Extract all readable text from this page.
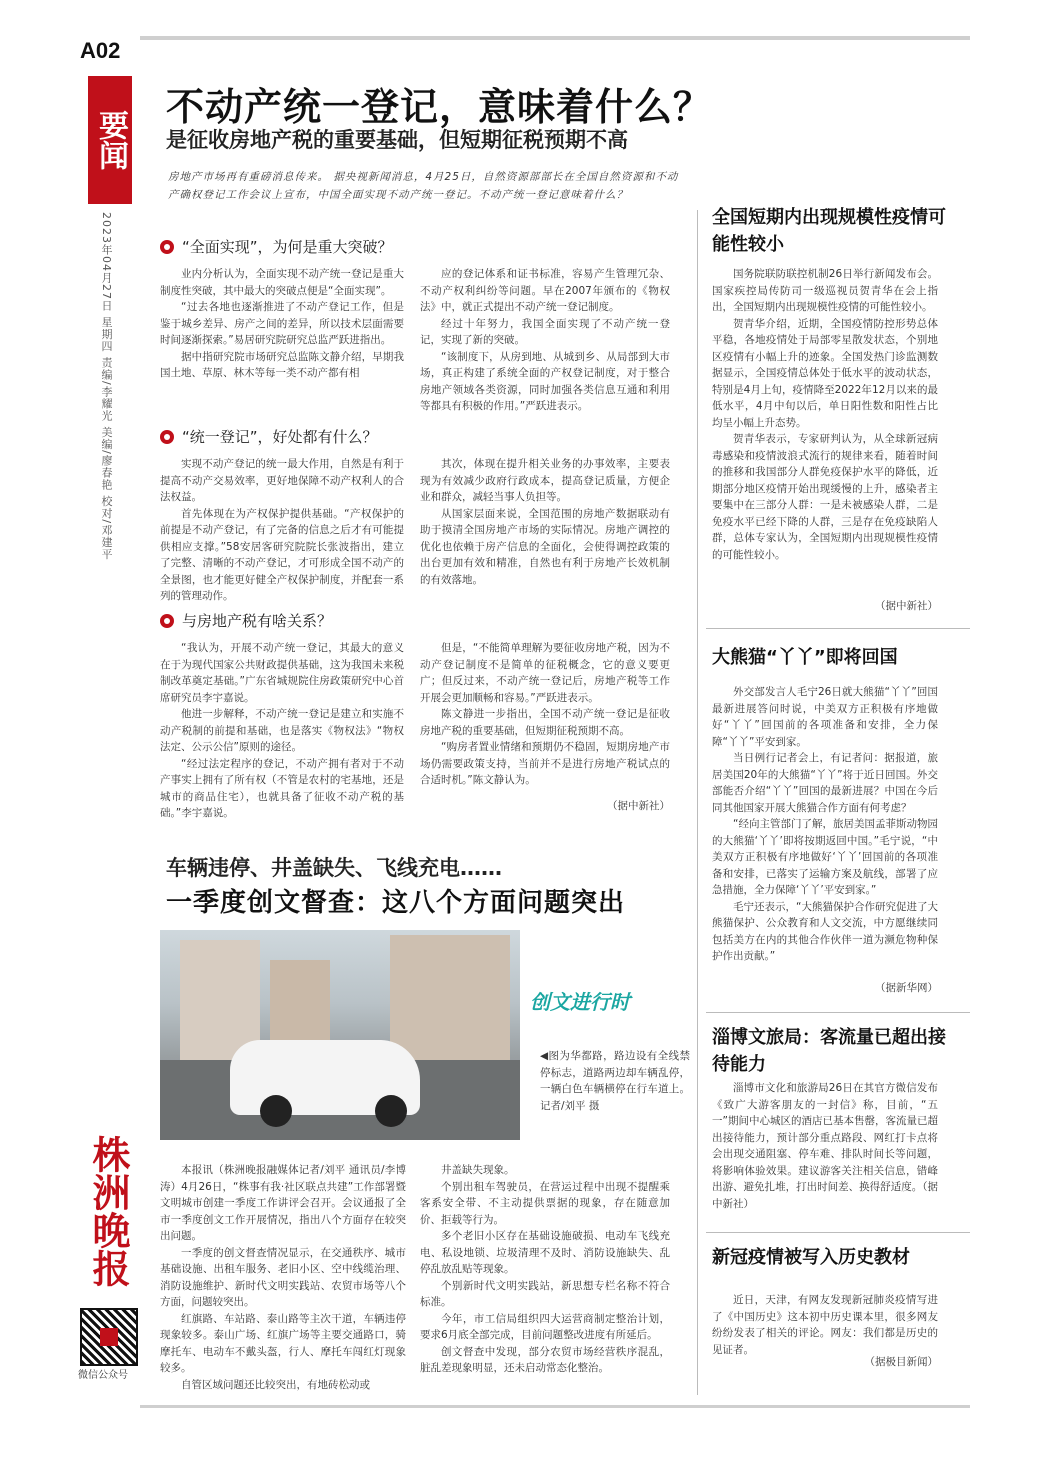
A02
要闻
2023年04月27日 星期四 责编/李耀光 美编/廖春艳 校对/邓建平
株洲晚报
微信公众号
不动产统一登记，意味着什么？
是征收房地产税的重要基础，但短期征税预期不高
房地产市场再有重磅消息传来。 据央视新闻消息，4月25日，自然资源部部长在全国自然资源和不动产确权登记工作会议上宣布，中国全面实现不动产统一登记。不动产统一登记意味着什么？
“全面实现”，为何是重大突破？

业内分析认为，全面实现不动产统一登记是重大制度性突破，其中最大的突破点便是“全面实现”。

“过去各地也逐渐推进了不动产登记工作，但是鉴于城乡差异、房产之间的差异，所以技术层面需要时间逐渐探索。”易居研究院研究总监严跃进指出。

据中指研究院市场研究总监陈文静介绍，早期我国土地、草原、林木等每一类不动产都有相

应的登记体系和证书标准，容易产生管理冗杂、不动产权利纠纷等问题。早在2007年颁布的《物权法》中，就正式提出不动产统一登记制度。

经过十年努力，我国全面实现了不动产统一登记，实现了新的突破。

“该制度下，从房到地、从城到乡、从局部到大市场，真正构建了系统全面的产权登记制度，对于整合房地产领域各类资源，同时加强各类信息互通和利用等都具有积极的作用。”严跃进表示。

“统一登记”，好处都有什么？

实现不动产登记的统一最大作用，自然是有利于提高不动产交易效率，更好地保障不动产权利人的合法权益。

首先体现在为产权保护提供基础。“产权保护的前提是不动产登记，有了完备的信息之后才有可能提供相应支撑。”58安居客研究院院长张波指出，建立了完整、清晰的不动产登记，才可形成全国不动产的全景图，也才能更好健全产权保护制度，并配套一系列的管理动作。

其次，体现在提升相关业务的办事效率，主要表现为有效减少政府行政成本，提高登记质量，方便企业和群众，减轻当事人负担等。

从国家层面来说，全国范围的房地产数据联动有助于摸清全国房地产市场的实际情况。房地产调控的优化也依赖于房产信息的全面化，会使得调控政策的出台更加有效和精准，自然也有利于房地产长效机制的有效落地。

与房地产税有啥关系？

“我认为，开展不动产统一登记，其最大的意义在于为现代国家公共财政提供基础，这为我国未来税制改革奠定基础。”广东省城规院住房政策研究中心首席研究员李宇嘉说。

他进一步解释，不动产统一登记是建立和实施不动产税制的前提和基础，也是落实《物权法》“物权法定、公示公信”原则的途径。

“经过法定程序的登记，不动产拥有者对于不动产事实上拥有了所有权（不管是农村的宅基地，还是城市的商品住宅），也就具备了征收不动产税的基础。”李宇嘉说。

但是，“不能简单理解为要征收房地产税，因为不动产登记制度不是简单的征税概念，它的意义要更广；但反过来，不动产统一登记后，房地产税等工作开展会更加顺畅和容易。”严跃进表示。

陈文静进一步指出，全国不动产统一登记是征收房地产税的重要基础，但短期征税预期不高。

“购房者置业情绪和预期仍不稳固，短期房地产市场仍需要政策支持，当前并不是进行房地产税试点的合适时机。”陈文静认为。

（据中新社）
车辆违停、井盖缺失、飞线充电……
一季度创文督查：这八个方面问题突出
创文进行时
◀图为华都路，路边设有全线禁停标志，道路两边却车辆乱停，一辆白色车辆横停在行车道上。 记者/刘平 摄

本报讯（株洲晚报融媒体记者/刘平 通讯员/李博涛）4月26日，“株事有我·社区联点共建”工作部署暨文明城市创建一季度工作讲评会召开。会议通报了全市一季度创文工作开展情况，指出八个方面存在较突出问题。

一季度的创文督查情况显示，在交通秩序、城市基础设施、出租车服务、老旧小区、空中线缆治理、消防设施维护、新时代文明实践站、农贸市场等八个方面，问题较突出。

红旗路、车站路、泰山路等主次干道，车辆违停现象较多。泰山广场、红旗广场等主要交通路口，骑摩托车、电动车不戴头盔，行人、摩托车闯红灯现象较多。

自管区域问题还比较突出，有地砖松动或

井盖缺失现象。

个别出租车驾驶员，在营运过程中出现不提醒乘客系安全带、不主动提供票据的现象，存在随意加价、拒载等行为。

多个老旧小区存在基础设施破损、电动车飞线充电、私设地锁、垃圾清理不及时、消防设施缺失、乱停乱放乱贴等现象。

个别新时代文明实践站，新思想专栏名称不符合标准。

今年，市工信局组织四大运营商制定整治计划，要求6月底全部完成，目前问题整改进度有所延后。

创文督查中发现，部分农贸市场经营秩序混乱，脏乱差现象明显，还未启动常态化整治。

全国短期内出现规模性疫情可能性较小

国务院联防联控机制26日举行新闻发布会。国家疾控局传防司一级巡视员贺青华在会上指出，全国短期内出现规模性疫情的可能性较小。

贺青华介绍，近期，全国疫情防控形势总体平稳，各地疫情处于局部零星散发状态，个别地区疫情有小幅上升的迹象。全国发热门诊监测数据显示，全国疫情总体处于低水平的波动状态，特别是4月上旬，疫情降至2022年12月以来的最低水平，4月中旬以后，单日阳性数和阳性占比均呈小幅上升态势。

贺青华表示，专家研判认为，从全球新冠病毒感染和疫情波浪式流行的规律来看，随着时间的推移和我国部分人群免疫保护水平的降低，近期部分地区疫情开始出现缓慢的上升，感染者主要集中在三部分人群：一是未被感染人群，二是免疫水平已经下降的人群，三是存在免疫缺陷人群，总体专家认为，全国短期内出现规模性疫情的可能性较小。

（据中新社）
大熊猫“丫丫”即将回国

外交部发言人毛宁26日就大熊猫“丫丫”回国最新进展答问时说，中美双方正积极有序地做好“丫丫”回国前的各项准备和安排，全力保障“丫丫”平安到家。

当日例行记者会上，有记者问：据报道，旅居美国20年的大熊猫“丫丫”将于近日回国。外交部能否介绍“丫丫”回国的最新进展？中国在今后同其他国家开展大熊猫合作方面有何考虑？

“经向主管部门了解，旅居美国孟菲斯动物园的大熊猫‘丫丫’即将按期返回中国。”毛宁说，“中美双方正积极有序地做好‘丫丫’回国前的各项准备和安排，已落实了运输方案及航线，部署了应急措施，全力保障‘丫丫’平安到家。”

毛宁还表示，“大熊猫保护合作研究促进了大熊猫保护、公众教育和人文交流，中方愿继续同包括美方在内的其他合作伙伴一道为濒危物种保护作出贡献。”

（据新华网）
淄博文旅局：客流量已超出接待能力

淄博市文化和旅游局26日在其官方微信发布《致广大游客朋友的一封信》称，目前，“五一”期间中心城区的酒店已基本售罄，客流量已超出接待能力，预计部分重点路段、网红打卡点将会出现交通阻塞、停车难、排队时间长等问题，将影响体验效果。建议游客关注相关信息，错峰出游、避免扎堆，打出时间差、换得舒适度。（据中新社）

新冠疫情被写入历史教材

近日，天津，有网友发现新冠肺炎疫情写进了《中国历史》这本初中历史课本里，很多网友纷纷发表了相关的评论。网友：我们都是历史的见证者。

（据极目新闻）
